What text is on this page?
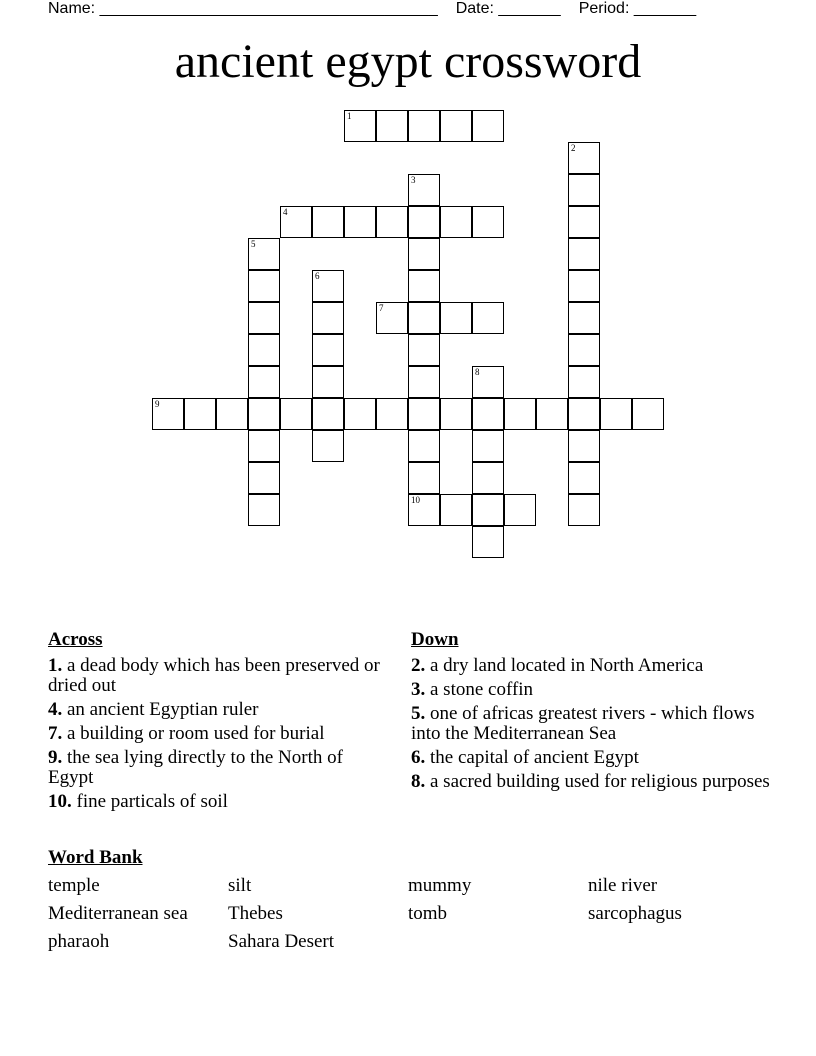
Name: ______________________________________ Date: _______ Period: _______
ancient egypt crossword
1
2
3
10
4
5
6
7
8
9
Across
1. a dead body which has been preserved or dried out
4. an ancient Egyptian ruler
7. a building or room used for burial
9. the sea lying directly to the North of Egypt
10. fine particals of soil
Down
2. a dry land located in North America
3. a stone coffin
5. one of africas greatest rivers - which flows into the Mediterranean Sea
6. the capital of ancient Egypt
8. a sacred building used for religious purposes
Word Bank
temple	silt	mummy	nile river
Mediterranean sea	Thebes	tomb	sarcophagus
pharaoh	Sahara Desert
